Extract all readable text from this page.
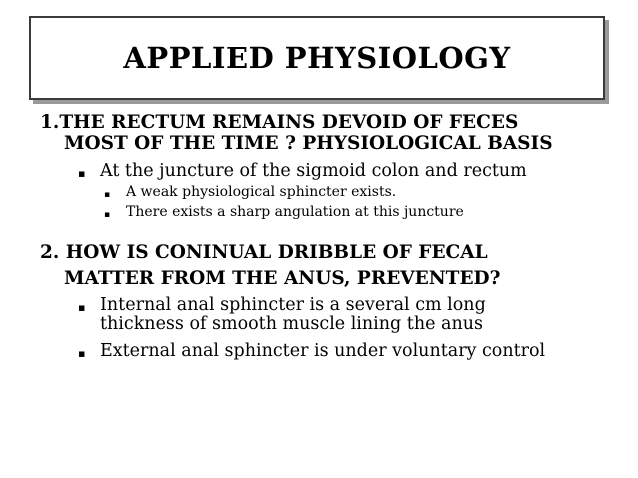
APPLIED PHYSIOLOGY
1.THE RECTUM REMAINS DEVOID OF FECES
MOST OF THE TIME ? PHYSIOLOGICAL BASIS
▪ At the juncture of the sigmoid colon and rectum
▪ A weak physiological sphincter exists.
▪ There exists a sharp angulation at this juncture
2. HOW IS CONINUAL DRIBBLE OF FECAL
MATTER FROM THE ANUS, PREVENTED?
▪ Internal anal sphincter is a several cm long
thickness of smooth muscle lining the anus
▪ External anal sphincter is under voluntary control
